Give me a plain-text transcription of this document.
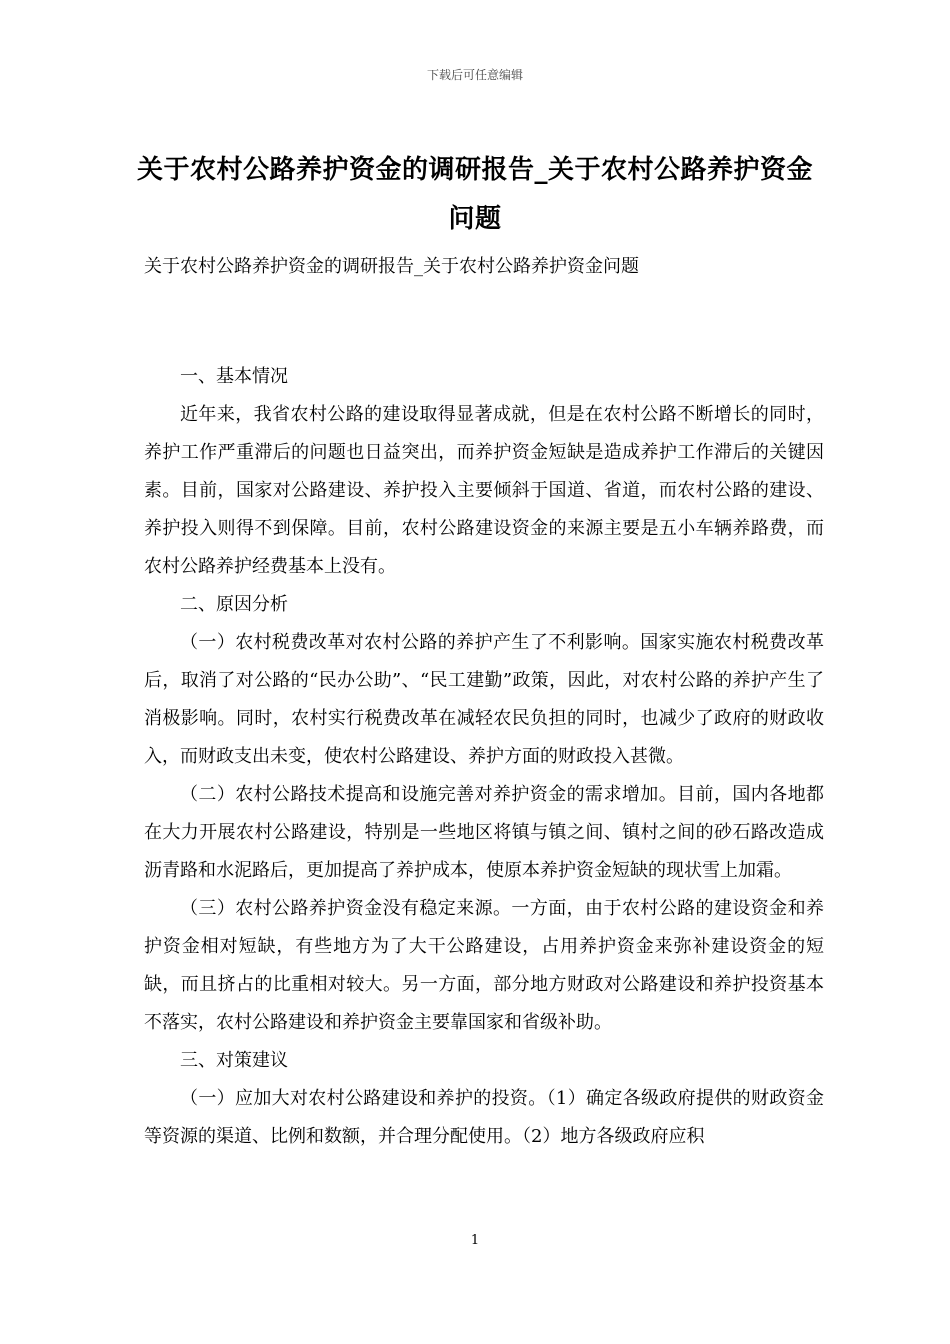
下载后可任意编辑
关于农村公路养护资金的调研报告_关于农村公路养护资金
问题
关于农村公路养护资金的调研报告_关于农村公路养护资金问题

一、基本情况

近年来，我省农村公路的建设取得显著成就，但是在农村公路不断增长的同时，养护工作严重滞后的问题也日益突出，而养护资金短缺是造成养护工作滞后的关键因素。目前，国家对公路建设、养护投入主要倾斜于国道、省道，而农村公路的建设、养护投入则得不到保障。目前，农村公路建设资金的来源主要是五小车辆养路费，而农村公路养护经费基本上没有。

二、原因分析

（一）农村税费改革对农村公路的养护产生了不利影响。国家实施农村税费改革后，取消了对公路的“民办公助”、“民工建勤”政策，因此，对农村公路的养护产生了消极影响。同时，农村实行税费改革在减轻农民负担的同时，也减少了政府的财政收入，而财政支出未变，使农村公路建设、养护方面的财政投入甚微。

（二）农村公路技术提高和设施完善对养护资金的需求增加。目前，国内各地都在大力开展农村公路建设，特别是一些地区将镇与镇之间、镇村之间的砂石路改造成沥青路和水泥路后，更加提高了养护成本，使原本养护资金短缺的现状雪上加霜。

（三）农村公路养护资金没有稳定来源。一方面，由于农村公路的建设资金和养护资金相对短缺，有些地方为了大干公路建设，占用养护资金来弥补建设资金的短缺，而且挤占的比重相对较大。另一方面，部分地方财政对公路建设和养护投资基本不落实，农村公路建设和养护资金主要靠国家和省级补助。

三、对策建议

（一）应加大对农村公路建设和养护的投资。（1）确定各级政府提供的财政资金等资源的渠道、比例和数额，并合理分配使用。（2）地方各级政府应积

1
